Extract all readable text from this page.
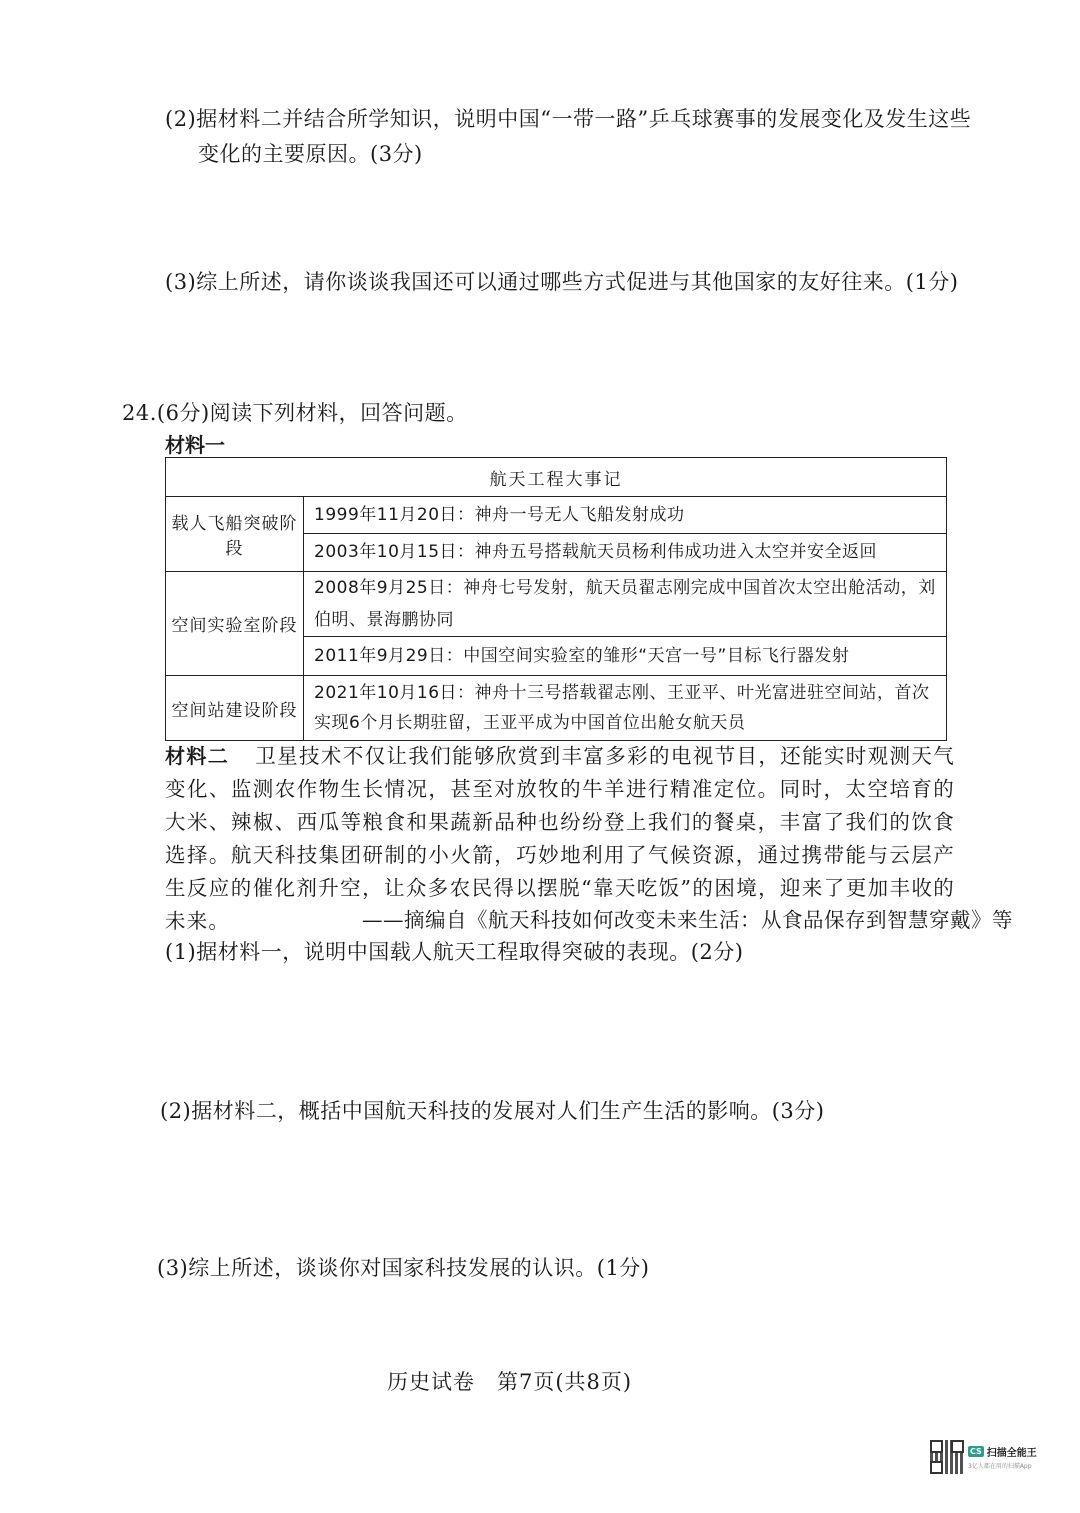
(2)据材料二并结合所学知识，说明中国“一带一路”乒乓球赛事的发展变化及发生这些
变化的主要原因。(3分)
(3)综上所述，请你谈谈我国还可以通过哪些方式促进与其他国家的友好往来。(1分)
24.(6分)阅读下列材料，回答问题。
材料一
航天工程大事记	
载人飞船突破阶段	1999年11月20日：神舟一号无人飞船发射成功
	2003年10月15日：神舟五号搭载航天员杨利伟成功进入太空并安全返回
空间实验室阶段	2008年9月25日：神舟七号发射，航天员翟志刚完成中国首次太空出舱活动，刘伯明、景海鹏协同
	2011年9月29日：中国空间实验室的雏形“天宫一号”目标飞行器发射
空间站建设阶段	2021年10月16日：神舟十三号搭载翟志刚、王亚平、叶光富进驻空间站，首次实现6个月长期驻留，王亚平成为中国首位出舱女航天员
材料二 卫星技术不仅让我们能够欣赏到丰富多彩的电视节目，还能实时观测天气变化、监测农作物生长情况，甚至对放牧的牛羊进行精准定位。同时，太空培育的大米、辣椒、西瓜等粮食和果蔬新品种也纷纷登上我们的餐桌，丰富了我们的饮食选择。航天科技集团研制的小火箭，巧妙地利用了气候资源，通过携带能与云层产生反应的催化剂升空，让众多农民得以摆脱“靠天吃饭”的困境，迎来了更加丰收的未来。	——摘编自《航天科技如何改变未来生活：从食品保存到智慧穿戴》等
(1)据材料一，说明中国载人航天工程取得突破的表现。(2分)
(2)据材料二，概括中国航天科技的发展对人们生产生活的影响。(3分)
(3)综上所述，谈谈你对国家科技发展的认识。(1分)
历史试卷　第7页(共8页)
CS 扫描全能王
3亿人都在用的扫描App
